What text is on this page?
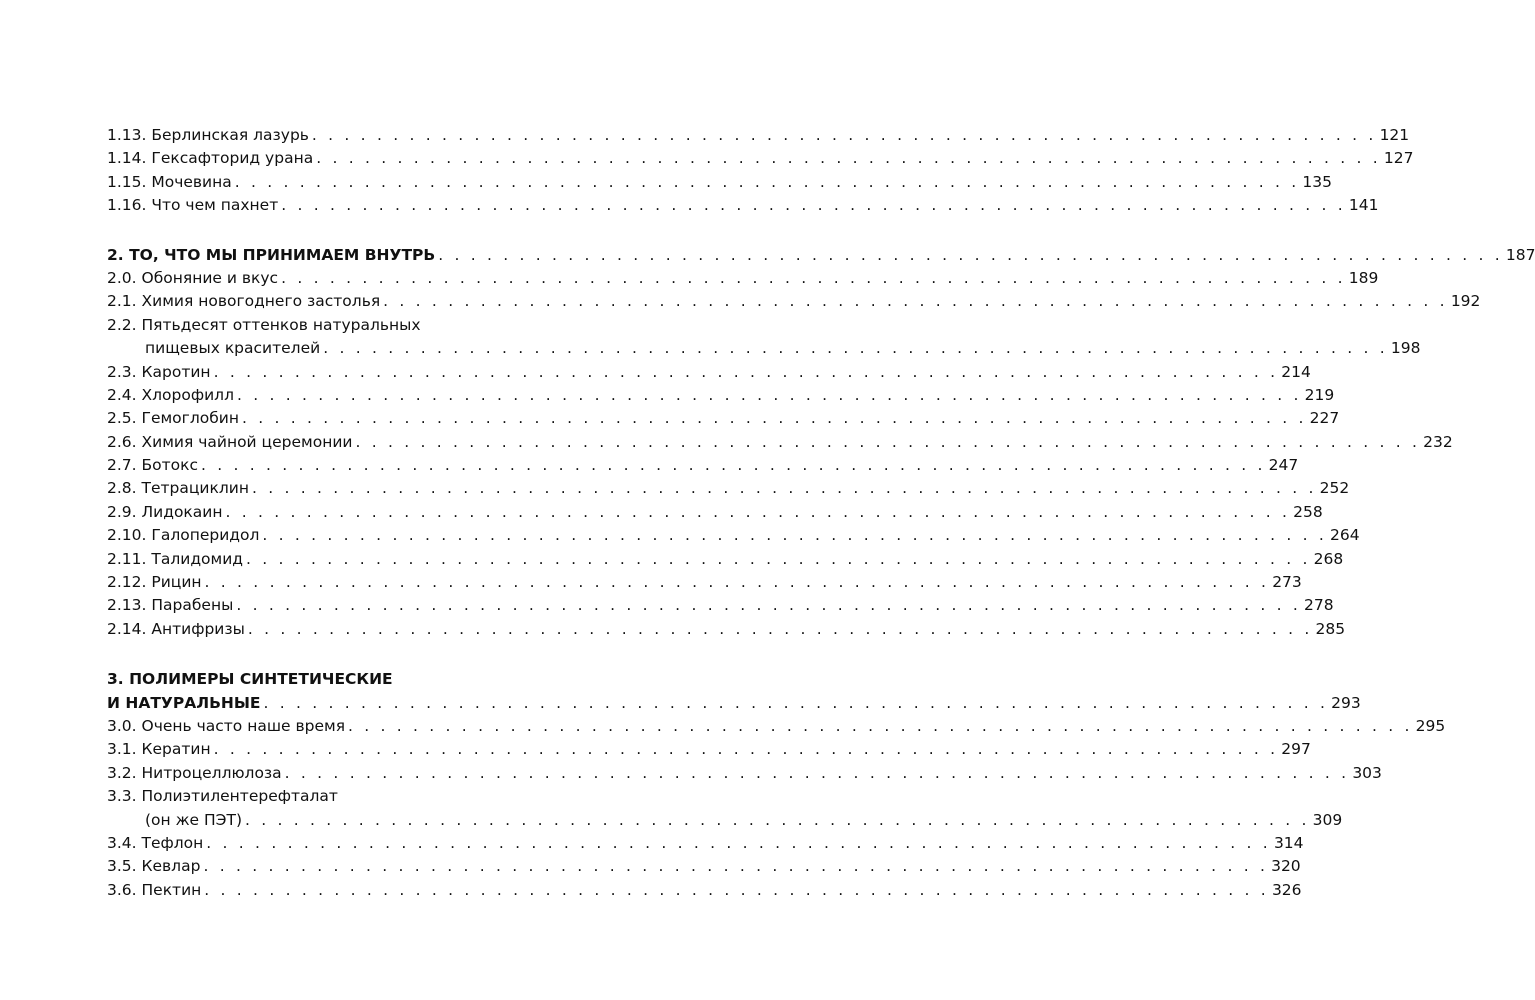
1.13. Берлинская лазурь . . . . . . . . . . . . . . . . . . . . . . . . . . . . . . . . . . . . . . . . . . . . . . . . . . . . . . . . . . . . . . . . . . 121
1.14. Гексафторид урана . . . . . . . . . . . . . . . . . . . . . . . . . . . . . . . . . . . . . . . . . . . . . . . . . . . . . . . . . . . . . . . . . . 127
1.15. Мочевина . . . . . . . . . . . . . . . . . . . . . . . . . . . . . . . . . . . . . . . . . . . . . . . . . . . . . . . . . . . . . . . . . . 135
1.16. Что чем пахнет . . . . . . . . . . . . . . . . . . . . . . . . . . . . . . . . . . . . . . . . . . . . . . . . . . . . . . . . . . . . . . . . . . 141
2. ТО, ЧТО МЫ ПРИНИМАЕМ ВНУТРЬ . . . . . . . . . . . . . . . . . . . . . . . . . . . . . . . . . . . . . . . . . . . . . . . . . . . . . . . . . . . . . . . . . . 187
2.0. Обоняние и вкус . . . . . . . . . . . . . . . . . . . . . . . . . . . . . . . . . . . . . . . . . . . . . . . . . . . . . . . . . . . . . . . . . . 189
2.1. Химия новогоднего застолья . . . . . . . . . . . . . . . . . . . . . . . . . . . . . . . . . . . . . . . . . . . . . . . . . . . . . . . . . . . . . . . . . . 192
2.2. Пятьдесят оттенков натуральных
пищевых красителей . . . . . . . . . . . . . . . . . . . . . . . . . . . . . . . . . . . . . . . . . . . . . . . . . . . . . . . . . . . . . . . . . . 198
2.3. Каротин . . . . . . . . . . . . . . . . . . . . . . . . . . . . . . . . . . . . . . . . . . . . . . . . . . . . . . . . . . . . . . . . . . 214
2.4. Хлорофилл . . . . . . . . . . . . . . . . . . . . . . . . . . . . . . . . . . . . . . . . . . . . . . . . . . . . . . . . . . . . . . . . . . 219
2.5. Гемоглобин . . . . . . . . . . . . . . . . . . . . . . . . . . . . . . . . . . . . . . . . . . . . . . . . . . . . . . . . . . . . . . . . . . 227
2.6. Химия чайной церемонии . . . . . . . . . . . . . . . . . . . . . . . . . . . . . . . . . . . . . . . . . . . . . . . . . . . . . . . . . . . . . . . . . . 232
2.7. Ботокс . . . . . . . . . . . . . . . . . . . . . . . . . . . . . . . . . . . . . . . . . . . . . . . . . . . . . . . . . . . . . . . . . . 247
2.8. Тетрациклин . . . . . . . . . . . . . . . . . . . . . . . . . . . . . . . . . . . . . . . . . . . . . . . . . . . . . . . . . . . . . . . . . . 252
2.9. Лидокаин . . . . . . . . . . . . . . . . . . . . . . . . . . . . . . . . . . . . . . . . . . . . . . . . . . . . . . . . . . . . . . . . . . 258
2.10. Галоперидол . . . . . . . . . . . . . . . . . . . . . . . . . . . . . . . . . . . . . . . . . . . . . . . . . . . . . . . . . . . . . . . . . . 264
2.11. Талидомид . . . . . . . . . . . . . . . . . . . . . . . . . . . . . . . . . . . . . . . . . . . . . . . . . . . . . . . . . . . . . . . . . . 268
2.12. Рицин . . . . . . . . . . . . . . . . . . . . . . . . . . . . . . . . . . . . . . . . . . . . . . . . . . . . . . . . . . . . . . . . . . 273
2.13. Парабены . . . . . . . . . . . . . . . . . . . . . . . . . . . . . . . . . . . . . . . . . . . . . . . . . . . . . . . . . . . . . . . . . . 278
2.14. Антифризы . . . . . . . . . . . . . . . . . . . . . . . . . . . . . . . . . . . . . . . . . . . . . . . . . . . . . . . . . . . . . . . . . . 285
3. ПОЛИМЕРЫ СИНТЕТИЧЕСКИЕ
И НАТУРАЛЬНЫЕ . . . . . . . . . . . . . . . . . . . . . . . . . . . . . . . . . . . . . . . . . . . . . . . . . . . . . . . . . . . . . . . . . . 293
3.0. Очень часто наше время . . . . . . . . . . . . . . . . . . . . . . . . . . . . . . . . . . . . . . . . . . . . . . . . . . . . . . . . . . . . . . . . . . 295
3.1. Кератин . . . . . . . . . . . . . . . . . . . . . . . . . . . . . . . . . . . . . . . . . . . . . . . . . . . . . . . . . . . . . . . . . . 297
3.2. Нитроцеллюлоза . . . . . . . . . . . . . . . . . . . . . . . . . . . . . . . . . . . . . . . . . . . . . . . . . . . . . . . . . . . . . . . . . . 303
3.3. Полиэтилентерефталат
(он же ПЭТ) . . . . . . . . . . . . . . . . . . . . . . . . . . . . . . . . . . . . . . . . . . . . . . . . . . . . . . . . . . . . . . . . . . 309
3.4. Тефлон . . . . . . . . . . . . . . . . . . . . . . . . . . . . . . . . . . . . . . . . . . . . . . . . . . . . . . . . . . . . . . . . . . 314
3.5. Кевлар . . . . . . . . . . . . . . . . . . . . . . . . . . . . . . . . . . . . . . . . . . . . . . . . . . . . . . . . . . . . . . . . . . 320
3.6. Пектин . . . . . . . . . . . . . . . . . . . . . . . . . . . . . . . . . . . . . . . . . . . . . . . . . . . . . . . . . . . . . . . . . . 326
